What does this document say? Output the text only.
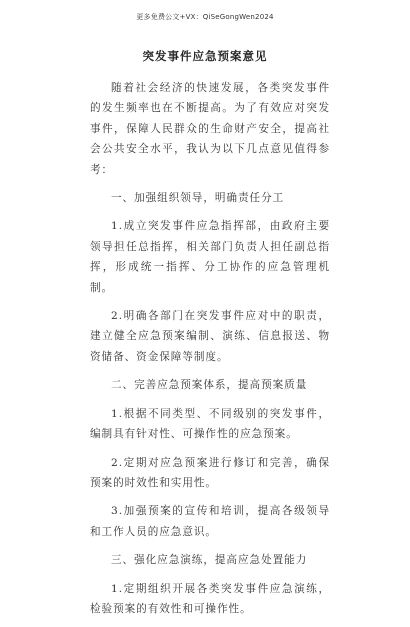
更多免费公文+VX：QiSeGongWen2024
突发事件应急预案意见

随着社会经济的快速发展，各类突发事件的发生频率也在不断提高。为了有效应对突发事件，保障人民群众的生命财产安全，提高社会公共安全水平，我认为以下几点意见值得参考：

一、加强组织领导，明确责任分工

1.成立突发事件应急指挥部，由政府主要领导担任总指挥，相关部门负责人担任副总指挥，形成统一指挥、分工协作的应急管理机制。

2.明确各部门在突发事件应对中的职责，建立健全应急预案编制、演练、信息报送、物资储备、资金保障等制度。

二、完善应急预案体系，提高预案质量

1.根据不同类型、不同级别的突发事件，编制具有针对性、可操作性的应急预案。

2.定期对应急预案进行修订和完善，确保预案的时效性和实用性。

3.加强预案的宣传和培训，提高各级领导和工作人员的应急意识。

三、强化应急演练，提高应急处置能力

1.定期组织开展各类突发事件应急演练，检验预案的有效性和可操作性。
